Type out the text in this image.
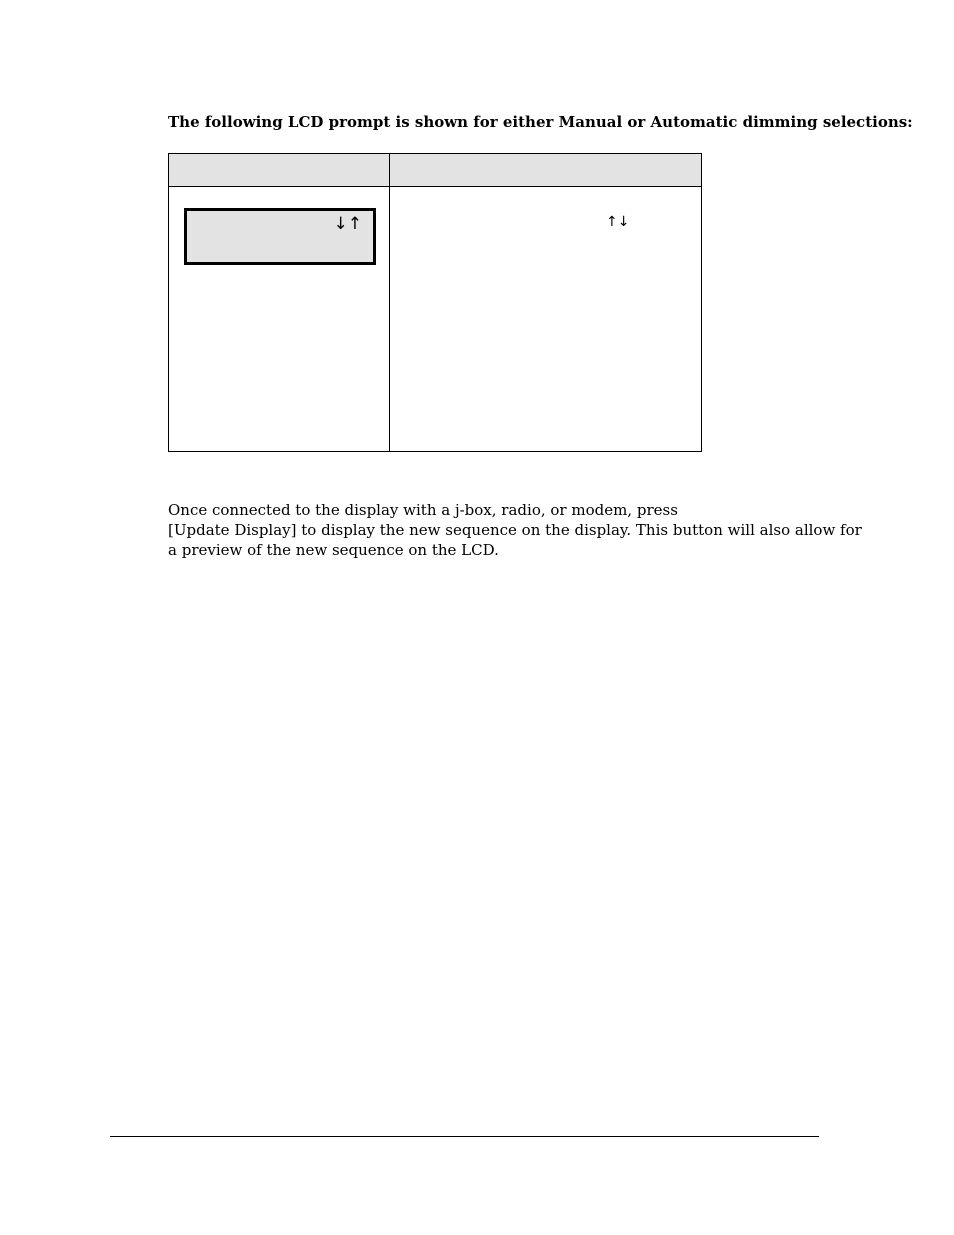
The following LCD prompt is shown for either Manual or Automatic dimming selections:

↓↑	↑↓

Once connected to the display with a j-box, radio, or modem, press
[Update Display] to display the new sequence on the display. This button will also allow for
a preview of the new sequence on the LCD.
